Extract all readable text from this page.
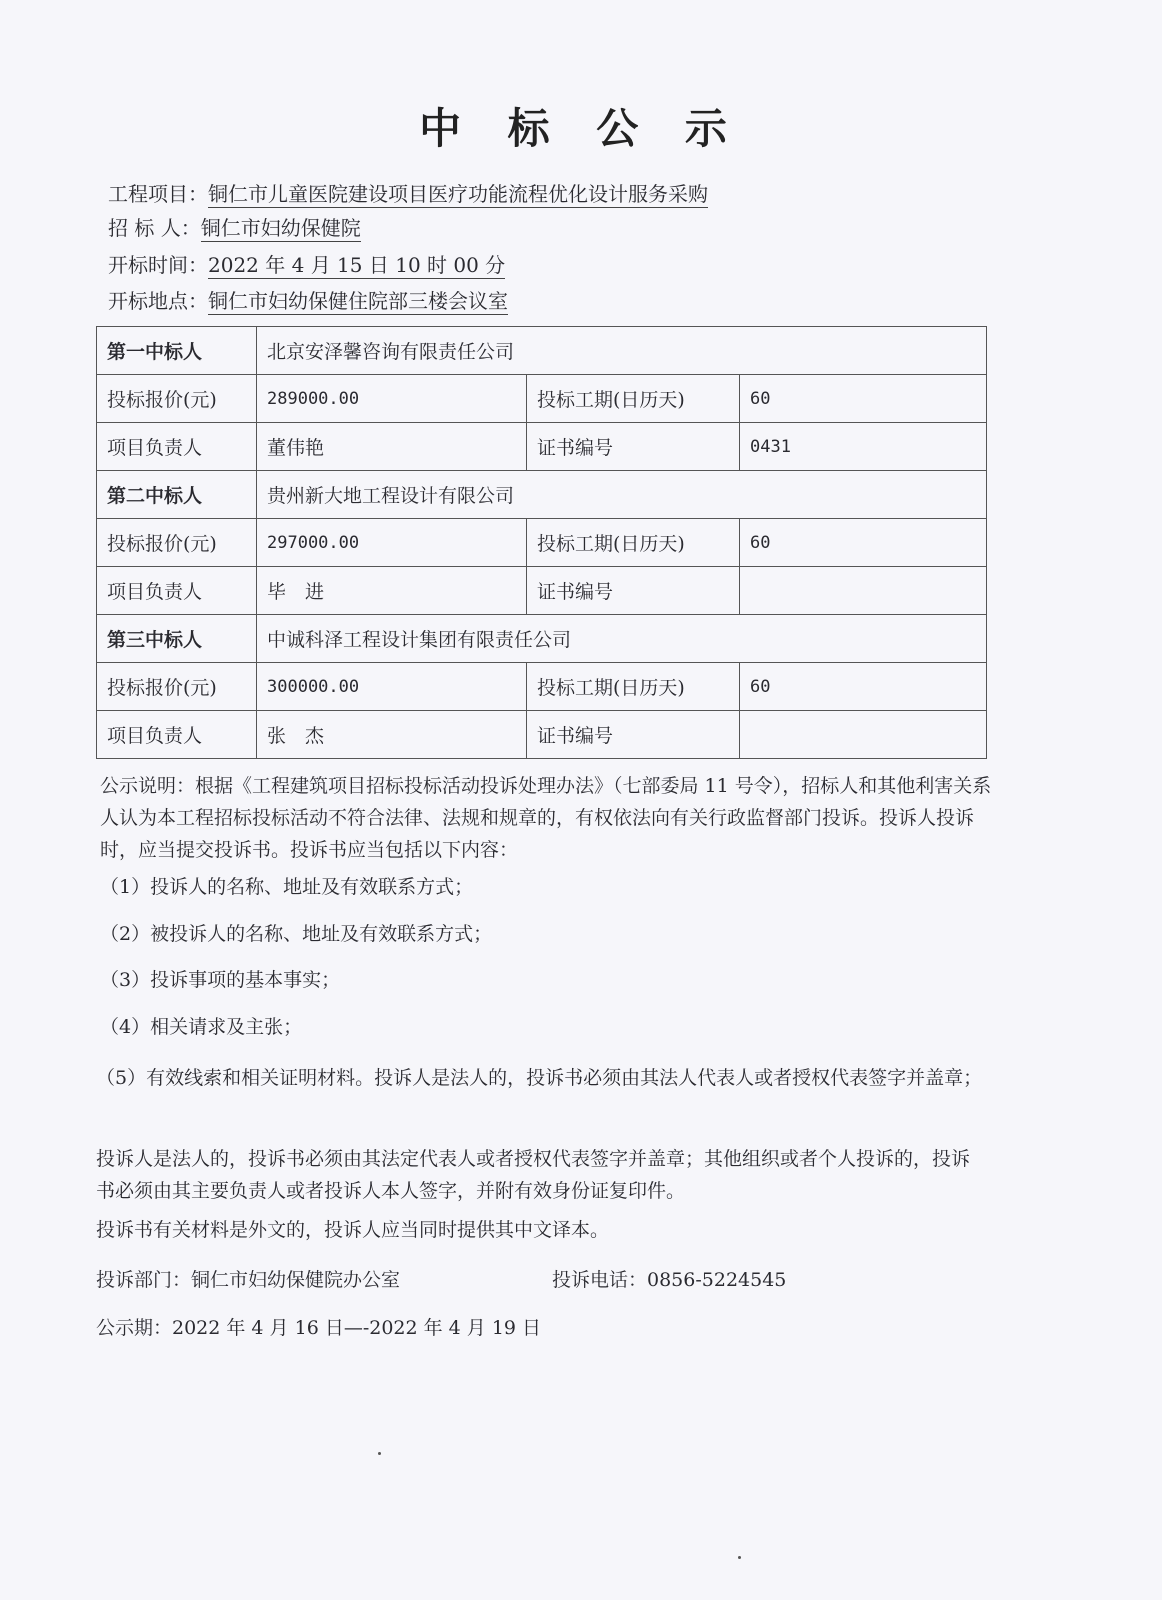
中 标 公 示
工程项目：铜仁市儿童医院建设项目医疗功能流程优化设计服务采购
招 标 人：铜仁市妇幼保健院
开标时间：2022 年 4 月 15 日 10 时 00 分
开标地点：铜仁市妇幼保健住院部三楼会议室
第一中标人	北京安泽馨咨询有限责任公司		
投标报价(元)	289000.00	投标工期(日历天)	60
项目负责人	董伟艳	证书编号	0431
第二中标人	贵州新大地工程设计有限公司		
投标报价(元)	297000.00	投标工期(日历天)	60
项目负责人	毕　进	证书编号	
第三中标人	中诚科泽工程设计集团有限责任公司		
投标报价(元)	300000.00	投标工期(日历天)	60
项目负责人	张　杰	证书编号	
公示说明：根据《工程建筑项目招标投标活动投诉处理办法》（七部委局 11 号令），招标人和其他利害关系人认为本工程招标投标活动不符合法律、法规和规章的，有权依法向有关行政监督部门投诉。投诉人投诉时，应当提交投诉书。投诉书应当包括以下内容：
（1）投诉人的名称、地址及有效联系方式；
（2）被投诉人的名称、地址及有效联系方式；
（3）投诉事项的基本事实；
（4）相关请求及主张；
（5）有效线索和相关证明材料。投诉人是法人的，投诉书必须由其法人代表人或者授权代表签字并盖章；
投诉人是法人的，投诉书必须由其法定代表人或者授权代表签字并盖章；其他组织或者个人投诉的，投诉书必须由其主要负责人或者投诉人本人签字，并附有效身份证复印件。
投诉书有关材料是外文的，投诉人应当同时提供其中文译本。
投诉部门：铜仁市妇幼保健院办公室	投诉电话：0856-5224545
公示期：2022 年 4 月 16 日—-2022 年 4 月 19 日
